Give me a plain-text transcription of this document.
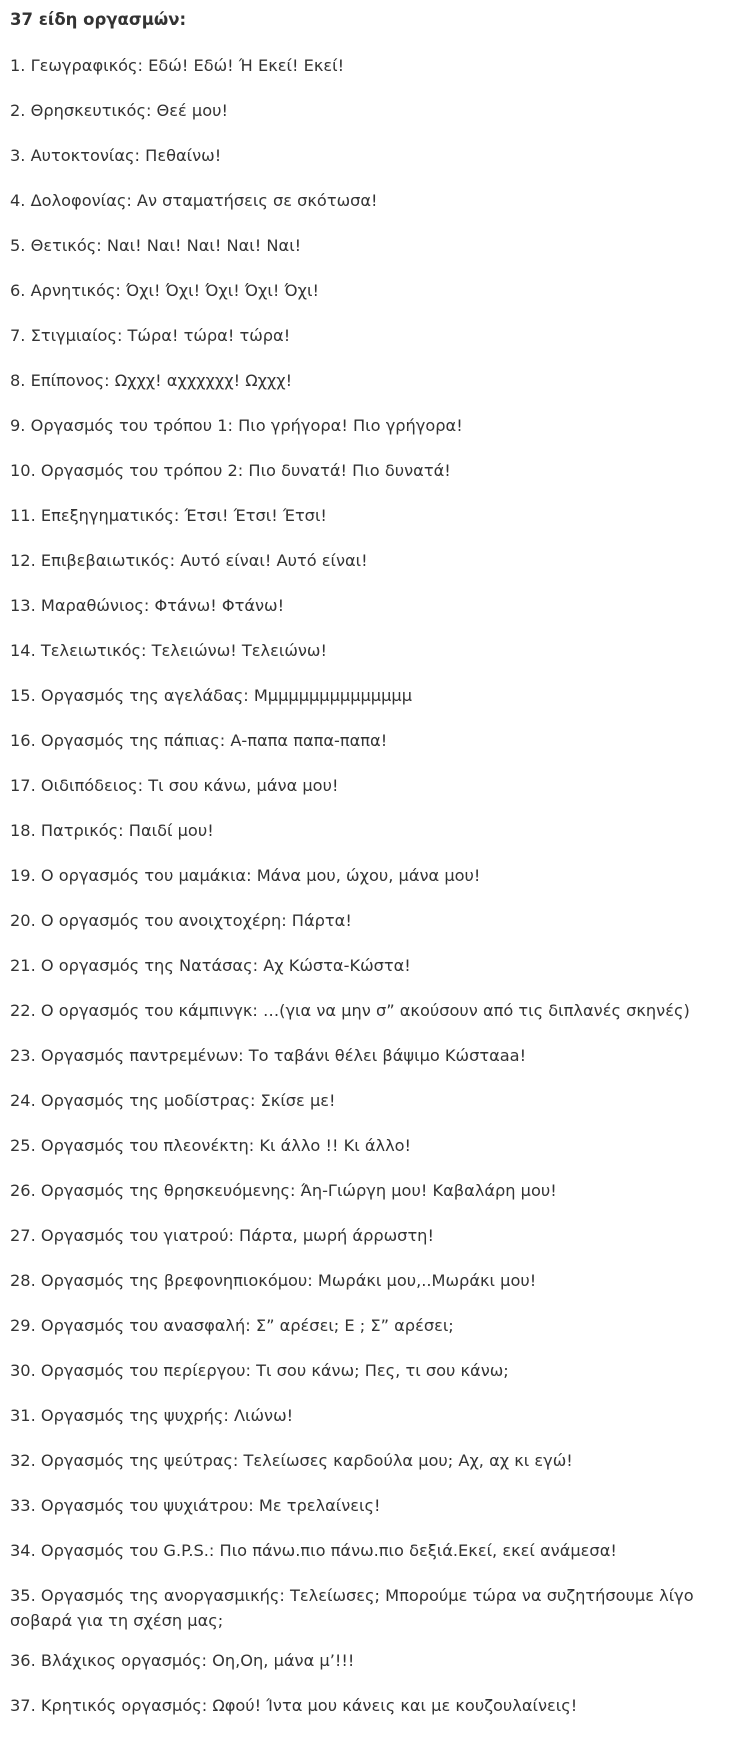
37 είδη οργασμών:
1. Γεωγραφικός: Εδώ! Εδώ! Ή Εκεί! Εκεί!
2. Θρησκευτικός: Θεέ μου!
3. Αυτοκτονίας: Πεθαίνω!
4. Δολοφονίας: Αν σταματήσεις σε σκότωσα!
5. Θετικός: Ναι! Ναι! Ναι! Ναι! Ναι!
6. Αρνητικός: Όχι! Όχι! Όχι! Όχι! Όχι!
7. Στιγμιαίος: Τώρα! τώρα! τώρα!
8. Επίπονος: Ωχχχ! αχχχχχχ! Ωχχχ!
9. Οργασμός του τρόπου 1: Πιο γρήγορα! Πιο γρήγορα!
10. Οργασμός του τρόπου 2: Πιο δυνατά! Πιο δυνατά!
11. Επεξηγηματικός: Έτσι! Έτσι! Έτσι!
12. Επιβεβαιωτικός: Αυτό είναι! Αυτό είναι!
13. Μαραθώνιος: Φτάνω! Φτάνω!
14. Τελειωτικός: Τελειώνω! Τελειώνω!
15. Οργασμός της αγελάδας: Μμμμμμμμμμμμμμμ
16. Οργασμός της πάπιας: Α-παπα παπα-παπα!
17. Οιδιπόδειος: Τι σου κάνω, μάνα μου!
18. Πατρικός: Παιδί μου!
19. Ο οργασμός του μαμάκια: Μάνα μου, ώχου, μάνα μου!
20. Ο οργασμός του ανοιχτοχέρη: Πάρτα!
21. Ο οργασμός της Νατάσας: Αχ Κώστα-Κώστα!
22. Ο οργασμός του κάμπινγκ: …(για να μην σ” ακούσουν από τις διπλανές σκηνές)
23. Οργασμός παντρεμένων: Το ταβάνι θέλει βάψιμο Κώσταaa!
24. Οργασμός της μοδίστρας: Σκίσε με!
25. Οργασμός του πλεονέκτη: Κι άλλο !! Κι άλλο!
26. Οργασμός της θρησκευόμενης: Άη-Γιώργη μου! Καβαλάρη μου!
27. Οργασμός του γιατρού: Πάρτα, μωρή άρρωστη!
28. Οργασμός της βρεφονηπιοκόμου: Μωράκι μου,..Μωράκι μου!
29. Οργασμός του ανασφαλή: Σ” αρέσει; Ε ; Σ” αρέσει;
30. Οργασμός του περίεργου: Τι σου κάνω; Πες, τι σου κάνω;
31. Οργασμός της ψυχρής: Λιώνω!
32. Οργασμός της ψεύτρας: Τελείωσες καρδούλα μου; Αχ, αχ κι εγώ!
33. Οργασμός του ψυχιάτρου: Με τρελαίνεις!
34. Οργασμός του G.P.S.: Πιο πάνω.πιο πάνω.πιο δεξιά.Εκεί, εκεί ανάμεσα!
35. Οργασμός της ανοργασμικής: Τελείωσες; Μπορούμε τώρα να συζητήσουμε λίγο σοβαρά για τη σχέση μας;
36. Βλάχικος οργασμός: Οη,Οη, μάνα μ’!!!
37. Κρητικός οργασμός: Ωφού! Ίντα μου κάνεις και με κουζουλαίνεις!
